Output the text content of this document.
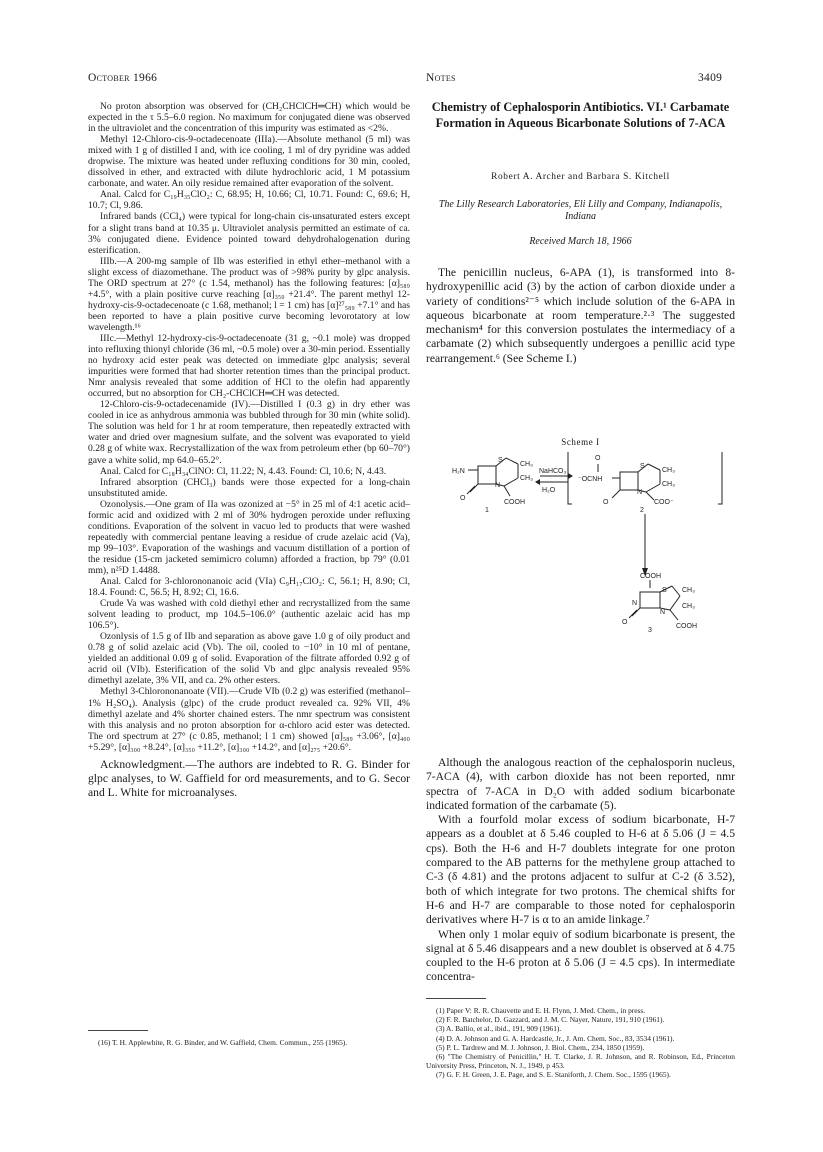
October 1966	Notes	3409

No proton absorption was observed for (CH₂CHClCH═CH) which would be expected in the τ 5.5–6.0 region. No maximum for conjugated diene was observed in the ultraviolet and the concentration of this impurity was estimated as <2%.

Methyl 12-Chloro-cis-9-octadecenoate (IIIa).—Absolute methanol (5 ml) was mixed with 1 g of distilled I and, with ice cooling, 1 ml of dry pyridine was added dropwise. The mixture was heated under refluxing conditions for 30 min, cooled, dissolved in ether, and extracted with dilute hydrochloric acid, 1 M potassium carbonate, and water. An oily residue remained after evaporation of the solvent.

Anal. Calcd for C₁₉H₃₅ClO₂: C, 68.95; H, 10.66; Cl, 10.71. Found: C, 69.6; H, 10.7; Cl, 9.86.

Infrared bands (CCl₄) were typical for long-chain cis-unsaturated esters except for a slight trans band at 10.35 μ. Ultraviolet analysis permitted an estimate of ca. 3% conjugated diene. Evidence pointed toward dehydrohalogenation during esterification.

IIIb.—A 200-mg sample of IIb was esterified in ethyl ether–methanol with a slight excess of diazomethane. The product was of >98% purity by glpc analysis. The ORD spectrum at 27° (c 1.54, methanol) has the following features: [α]₅₈₉ +4.5°, with a plain positive curve reaching [α]₃₅₀ +21.4°. The parent methyl 12-hydroxy-cis-9-octadecenoate (c 1.68, methanol; l = 1 cm) has [α]²⁷₅₈₉ +7.1° and has been reported to have a plain positive curve becoming levorotatory at low wavelength.¹⁶

IIIc.—Methyl 12-hydroxy-cis-9-octadecenoate (31 g, ~0.1 mole) was dropped into refluxing thionyl chloride (36 ml, ~0.5 mole) over a 30-min period. Essentially no hydroxy acid ester peak was detected on immediate glpc analysis; several impurities were formed that had shorter retention times than the principal product. Nmr analysis revealed that some addition of HCl to the olefin had apparently occurred, but no absorption for CH₂-CHClCH═CH was detected.

12-Chloro-cis-9-octadecenamide (IV).—Distilled I (0.3 g) in dry ether was cooled in ice as anhydrous ammonia was bubbled through for 30 min (white solid). The solution was held for 1 hr at room temperature, then repeatedly extracted with water and dried over magnesium sulfate, and the solvent was evaporated to yield 0.28 g of white wax. Recrystallization of the wax from petroleum ether (bp 60–70°) gave a white solid, mp 64.0–65.2°.

Anal. Calcd for C₁₈H₃₄ClNO: Cl, 11.22; N, 4.43. Found: Cl, 10.6; N, 4.43.

Infrared absorption (CHCl₃) bands were those expected for a long-chain unsubstituted amide.

Ozonolysis.—One gram of IIa was ozonized at −5° in 25 ml of 4:1 acetic acid–formic acid and oxidized with 2 ml of 30% hydrogen peroxide under refluxing conditions. Evaporation of the solvent in vacuo led to products that were washed repeatedly with commercial pentane leaving a residue of crude azelaic acid (Va), mp 99–103°. Evaporation of the washings and vacuum distillation of a portion of the residue (15-cm jacketed semimicro column) afforded a fraction, bp 79° (0.01 mm), n²⁵D 1.4488.

Anal. Calcd for 3-chlorononanoic acid (VIa) C₉H₁₇ClO₂: C, 56.1; H, 8.90; Cl, 18.4. Found: C, 56.5; H, 8.92; Cl, 16.6.

Crude Va was washed with cold diethyl ether and recrystallized from the same solvent leading to product, mp 104.5–106.0° (authentic azelaic acid has mp 106.5°).

Ozonlysis of 1.5 g of IIb and separation as above gave 1.0 g of oily product and 0.78 g of solid azelaic acid (Vb). The oil, cooled to −10° in 10 ml of pentane, yielded an additional 0.09 g of solid. Evaporation of the filtrate afforded 0.92 g of acrid oil (VIb). Esterification of the solid Vb and glpc analysis revealed 95% dimethyl azelate, 3% VII, and ca. 2% other esters.

Methyl 3-Chlorononanoate (VII).—Crude VIb (0.2 g) was esterified (methanol–1% H₂SO₄). Analysis (glpc) of the crude product revealed ca. 92% VII, 4% dimethyl azelate and 4% shorter chained esters. The nmr spectrum was consistent with this analysis and no proton absorption for α-chloro acid ester was detected. The ord spectrum at 27° (c 0.85, methanol; l 1 cm) showed [α]₅₈₉ +3.06°, [α]₄₀₀ +5.29°, [α]₃₀₀ +8.24°, [α]₃₅₀ +11.2°, [α]₃₀₀ +14.2°, and [α]₂₇₅ +20.6°.

Acknowledgment.—The authors are indebted to R. G. Binder for glpc analyses, to W. Gaffield for ord measurements, and to G. Secor and L. White for microanalyses.

(16) T. H. Applewhite, R. G. Binder, and W. Gaffield, Chem. Commun., 255 (1965).
Chemistry of Cephalosporin Antibiotics. VI.¹ Carbamate Formation in Aqueous Bicarbonate Solutions of 7-ACA
Robert A. Archer and Barbara S. Kitchell
The Lilly Research Laboratories, Eli Lilly and Company, Indianapolis, Indiana
Received March 18, 1966

The penicillin nucleus, 6-APA (1), is transformed into 8-hydroxypenillic acid (3) by the action of carbon dioxide under a variety of conditions²⁻⁵ which include solution of the 6-APA in aqueous bicarbonate at room temperature.²·³ The suggested mechanism⁴ for this conversion postulates the intermediacy of a carbamate (2) which subsequently undergoes a penillic acid type rearrangement.⁶ (See Scheme I.)

Scheme I
H₂N
S
CH₃
CH₃
N
O
COOH
1
NaHCO₃
H₂O
O
⁻OCNH
S
CH₃
CH₃
N
O	COO⁻
2
COOH
S CH₃
CH₃
N
N
O
COOH
3

Although the analogous reaction of the cephalosporin nucleus, 7-ACA (4), with carbon dioxide has not been reported, nmr spectra of 7-ACA in D₂O with added sodium bicarbonate indicated formation of the carbamate (5).

With a fourfold molar excess of sodium bicarbonate, H-7 appears as a doublet at δ 5.46 coupled to H-6 at δ 5.06 (J = 4.5 cps). Both the H-6 and H-7 doublets integrate for one proton compared to the AB patterns for the methylene group attached to C-3 (δ 4.81) and the protons adjacent to sulfur at C-2 (δ 3.52), both of which integrate for two protons. The chemical shifts for H-6 and H-7 are comparable to those noted for cephalosporin derivatives where H-7 is α to an amide linkage.⁷

When only 1 molar equiv of sodium bicarbonate is present, the signal at δ 5.46 disappears and a new doublet is observed at δ 4.75 coupled to the H-6 proton at δ 5.06 (J = 4.5 cps). In intermediate concentra-

(1) Paper V: R. R. Chauvette and E. H. Flynn, J. Med. Chem., in press.

(2) F. R. Batchelor, D. Gazzard, and J. M. C. Nayer, Nature, 191, 910 (1961).

(3) A. Ballio, et al., ibid., 191, 909 (1961).

(4) D. A. Johnson and G. A. Hardcastle, Jr., J. Am. Chem. Soc., 83, 3534 (1961).

(5) P. L. Tardrew and M. J. Johnson, J. Biol. Chem., 234, 1850 (1959).

(6) "The Chemistry of Penicillin," H. T. Clarke, J. R. Johnson, and R. Robinson, Ed., Princeton University Press, Princeton, N. J., 1949, p 453.

(7) G. F. H. Green, J. E. Page, and S. E. Staniforth, J. Chem. Soc., 1595 (1965).
